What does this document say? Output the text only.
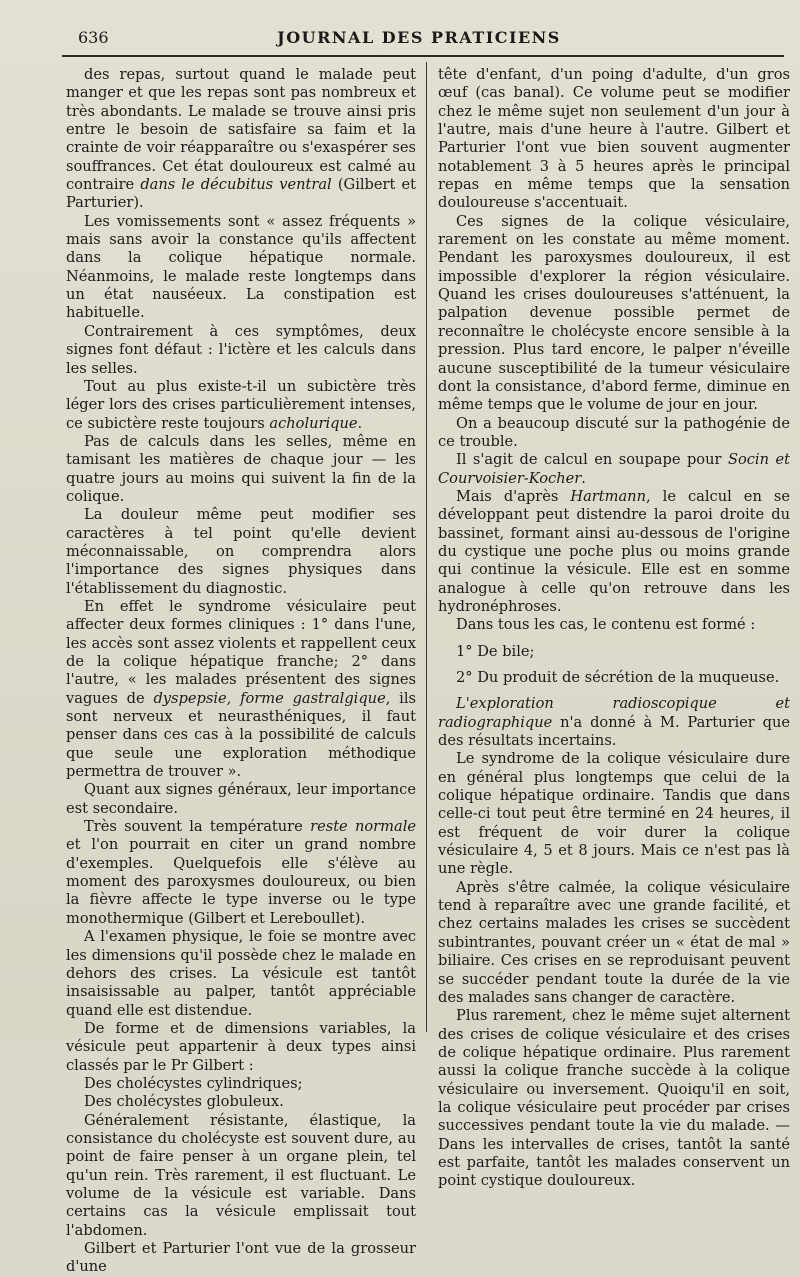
636	JOURNAL DES PRATICIENS

des repas, surtout quand le malade peut manger et que les repas sont pas nombreux et très abondants. Le malade se trouve ainsi pris entre le besoin de satisfaire sa faim et la crainte de voir réapparaître ou s'exaspérer ses souffrances. Cet état douloureux est calmé au contraire dans le décubitus ventral (Gilbert et Parturier).

Les vomissements sont « assez fréquents » mais sans avoir la constance qu'ils affectent dans la colique hépatique normale. Néanmoins, le malade reste longtemps dans un état nauséeux. La constipation est habituelle.

Contrairement à ces symptômes, deux signes font défaut : l'ictère et les calculs dans les selles.

Tout au plus existe-t-il un subictère très léger lors des crises particulièrement intenses, ce subictère reste toujours acholurique.

Pas de calculs dans les selles, même en tamisant les matières de chaque jour — les quatre jours au moins qui suivent la fin de la colique.

La douleur même peut modifier ses caractères à tel point qu'elle devient méconnaissable, on comprendra alors l'importance des signes physiques dans l'établissement du diagnostic.

En effet le syndrome vésiculaire peut affecter deux formes cliniques : 1° dans l'une, les accès sont assez violents et rappellent ceux de la colique hépatique franche; 2° dans l'autre, « les malades présentent des signes vagues de dyspepsie, forme gastralgique, ils sont nerveux et neurasthéniques, il faut penser dans ces cas à la possibilité de calculs que seule une exploration méthodique permettra de trouver ».

Quant aux signes généraux, leur importance est secondaire.

Très souvent la température reste normale et l'on pourrait en citer un grand nombre d'exemples. Quelquefois elle s'élève au moment des paroxysmes douloureux, ou bien la fièvre affecte le type inverse ou le type monothermique (Gilbert et Lereboullet).

A l'examen physique, le foie se montre avec les dimensions qu'il possède chez le malade en dehors des crises. La vésicule est tantôt insaisissable au palper, tantôt appréciable quand elle est distendue.

De forme et de dimensions variables, la vésicule peut appartenir à deux types ainsi classés par le Pr Gilbert :

Des cholécystes cylindriques;

Des cholécystes globuleux.

Généralement résistante, élastique, la consistance du cholécyste est souvent dure, au point de faire penser à un organe plein, tel qu'un rein. Très rarement, il est fluctuant. Le volume de la vésicule est variable. Dans certains cas la vésicule emplissait tout l'abdomen.

Gilbert et Parturier l'ont vue de la grosseur d'une

tête d'enfant, d'un poing d'adulte, d'un gros œuf (cas banal). Ce volume peut se modifier chez le même sujet non seulement d'un jour à l'autre, mais d'une heure à l'autre. Gilbert et Parturier l'ont vue bien souvent augmenter notablement 3 à 5 heures après le principal repas en même temps que la sensation douloureuse s'accentuait.

Ces signes de la colique vésiculaire, rarement on les constate au même moment. Pendant les paroxysmes douloureux, il est impossible d'explorer la région vésiculaire. Quand les crises douloureuses s'atténuent, la palpation devenue possible permet de reconnaître le cholécyste encore sensible à la pression. Plus tard encore, le palper n'éveille aucune susceptibilité de la tumeur vésiculaire dont la consistance, d'abord ferme, diminue en même temps que le volume de jour en jour.

On a beaucoup discuté sur la pathogénie de ce trouble.

Il s'agit de calcul en soupape pour Socin et Courvoisier-Kocher.

Mais d'après Hartmann, le calcul en se développant peut distendre la paroi droite du bassinet, formant ainsi au-dessous de l'origine du cystique une poche plus ou moins grande qui continue la vésicule. Elle est en somme analogue à celle qu'on retrouve dans les hydronéphroses.

Dans tous les cas, le contenu est formé :

1° De bile;

2° Du produit de sécrétion de la muqueuse.

L'exploration radioscopique et radiographique n'a donné à M. Parturier que des résultats incertains.

Le syndrome de la colique vésiculaire dure en général plus longtemps que celui de la colique hépatique ordinaire. Tandis que dans celle-ci tout peut être terminé en 24 heures, il est fréquent de voir durer la colique vésiculaire 4, 5 et 8 jours. Mais ce n'est pas là une règle.

Après s'être calmée, la colique vésiculaire tend à reparaître avec une grande facilité, et chez certains malades les crises se succèdent subintrantes, pouvant créer un « état de mal » biliaire. Ces crises en se reproduisant peuvent se succéder pendant toute la durée de la vie des malades sans changer de caractère.

Plus rarement, chez le même sujet alternent des crises de colique vésiculaire et des crises de colique hépatique ordinaire. Plus rarement aussi la colique franche succède à la colique vésiculaire ou inversement. Quoiqu'il en soit, la colique vésiculaire peut procéder par crises successives pendant toute la vie du malade. — Dans les intervalles de crises, tantôt la santé est parfaite, tantôt les malades conservent un point cystique douloureux.
